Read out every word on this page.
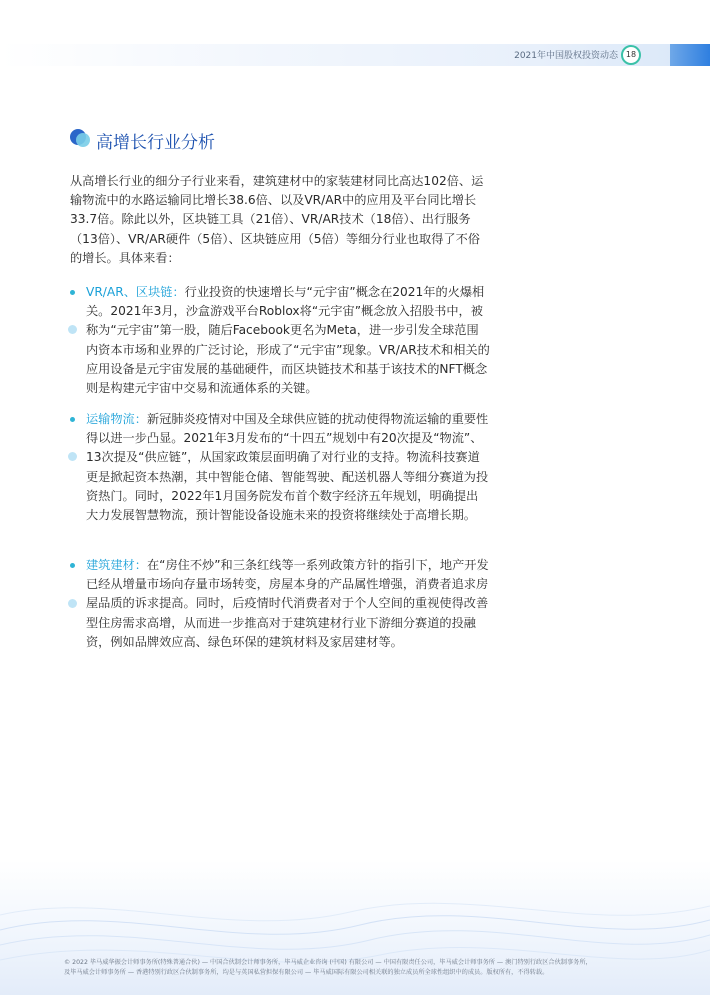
2021年中国股权投资动态 18
高增长行业分析
从高增长行业的细分子行业来看，建筑建材中的家装建材同比高达102倍、运输物流中的水路运输同比增长38.6倍、以及VR/AR中的应用及平台同比增长33.7倍。除此以外，区块链工具（21倍）、VR/AR技术（18倍）、出行服务（13倍）、VR/AR硬件（5倍）、区块链应用（5倍）等细分行业也取得了不俗的增长。具体来看：
VR/AR、区块链：行业投资的快速增长与“元宇宙”概念在2021年的火爆相关。2021年3月，沙盒游戏平台Roblox将“元宇宙”概念放入招股书中，被称为“元宇宙”第一股，随后Facebook更名为Meta，进一步引发全球范围内资本市场和业界的广泛讨论，形成了“元宇宙”现象。VR/AR技术和相关的应用设备是元宇宙发展的基础硬件，而区块链技术和基于该技术的NFT概念则是构建元宇宙中交易和流通体系的关键。
运输物流：新冠肺炎疫情对中国及全球供应链的扰动使得物流运输的重要性得以进一步凸显。2021年3月发布的“十四五”规划中有20次提及“物流”、13次提及“供应链”，从国家政策层面明确了对行业的支持。物流科技赛道更是掀起资本热潮，其中智能仓储、智能驾驶、配送机器人等细分赛道为投资热门。同时，2022年1月国务院发布首个数字经济五年规划，明确提出大力发展智慧物流，预计智能设备设施未来的投资将继续处于高增长期。
建筑建材：在“房住不炒”和三条红线等一系列政策方针的指引下，地产开发已经从增量市场向存量市场转变，房屋本身的产品属性增强，消费者追求房屋品质的诉求提高。同时，后疫情时代消费者对于个人空间的重视使得改善型住房需求高增，从而进一步推高对于建筑建材行业下游细分赛道的投融资，例如品牌效应高、绿色环保的建筑材料及家居建材等。
© 2022 毕马威华振会计师事务所(特殊普通合伙) — 中国合伙制会计师事务所，毕马威企业咨询 (中国) 有限公司 — 中国有限责任公司，毕马威会计师事务所 — 澳门特别行政区合伙制事务所，
及毕马威会计师事务所 — 香港特别行政区合伙制事务所，均是与英国私营担保有限公司 — 毕马威国际有限公司相关联的独立成员所全球性组织中的成员。版权所有，不得转载。
